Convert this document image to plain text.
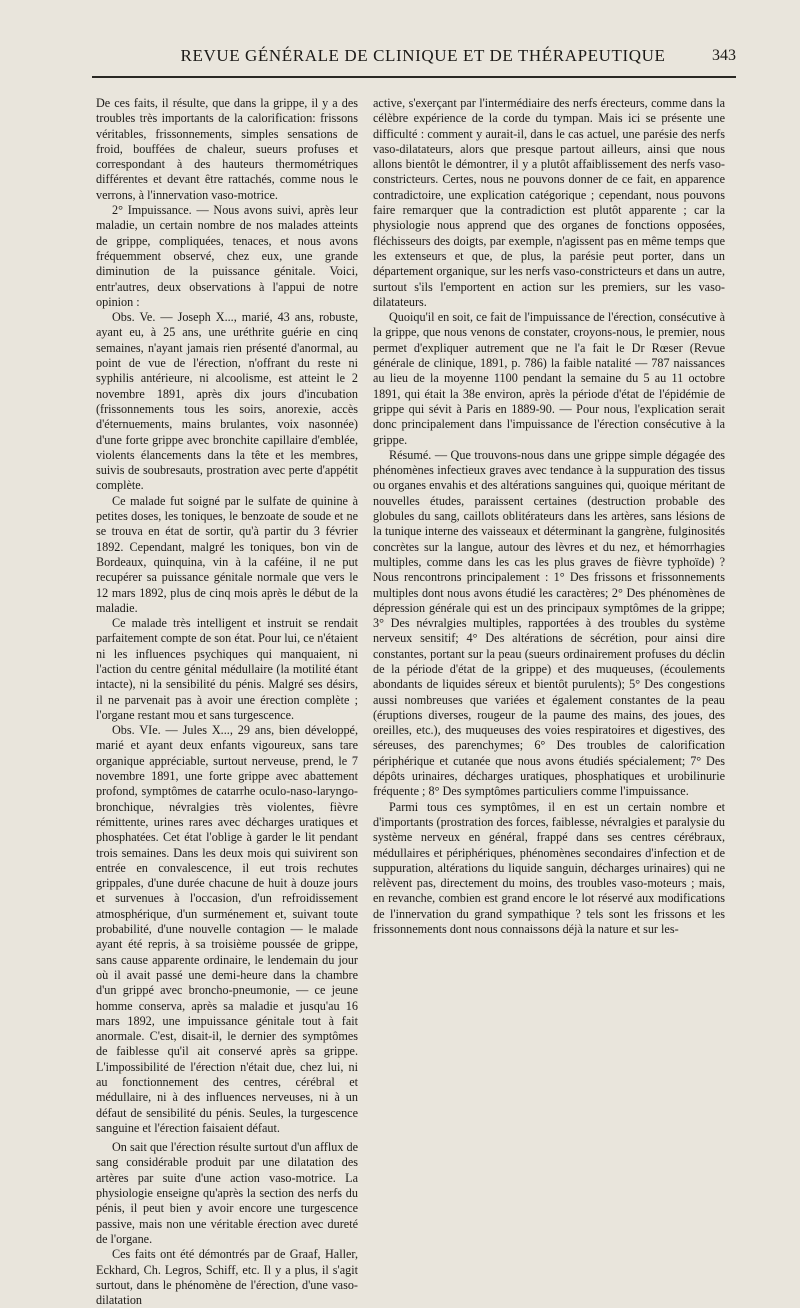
REVUE GÉNÉRALE DE CLINIQUE ET DE THÉRAPEUTIQUE	343

De ces faits, il résulte, que dans la grippe, il y a des troubles très importants de la calorification: frissons véritables, frissonnements, simples sensations de froid, bouffées de chaleur, sueurs profuses et correspondant à des hauteurs thermométriques différentes et devant être rattachés, comme nous le verrons, à l'innervation vaso-motrice.

2° Impuissance. — Nous avons suivi, après leur maladie, un certain nombre de nos malades atteints de grippe, compliquées, tenaces, et nous avons fréquemment observé, chez eux, une grande diminution de la puissance génitale. Voici, entr'autres, deux observations à l'appui de notre opinion :

Obs. Ve. — Joseph X..., marié, 43 ans, robuste, ayant eu, à 25 ans, une uréthrite guérie en cinq semaines, n'ayant jamais rien présenté d'anormal, au point de vue de l'érection, n'offrant du reste ni syphilis antérieure, ni alcoolisme, est atteint le 2 novembre 1891, après dix jours d'incubation (frissonnements tous les soirs, anorexie, accès d'éternuements, mains brulantes, voix nasonnée) d'une forte grippe avec bronchite capillaire d'emblée, violents élancements dans la tête et les membres, suivis de soubresauts, prostration avec perte d'appétit complète.

Ce malade fut soigné par le sulfate de quinine à petites doses, les toniques, le benzoate de soude et ne se trouva en état de sortir, qu'à partir du 3 février 1892. Cependant, malgré les toniques, bon vin de Bordeaux, quinquina, vin à la caféine, il ne put recupérer sa puissance génitale normale que vers le 12 mars 1892, plus de cinq mois après le début de la maladie.

Ce malade très intelligent et instruit se rendait parfaitement compte de son état. Pour lui, ce n'étaient ni les influences psychiques qui manquaient, ni l'action du centre génital médullaire (la motilité étant intacte), ni la sensibilité du pénis. Malgré ses désirs, il ne parvenait pas à avoir une érection complète ; l'organe restant mou et sans turgescence.

Obs. VIe. — Jules X..., 29 ans, bien développé, marié et ayant deux enfants vigoureux, sans tare organique appréciable, surtout nerveuse, prend, le 7 novembre 1891, une forte grippe avec abattement profond, symptômes de catarrhe oculo-naso-laryngo-bronchique, névralgies très violentes, fièvre rémittente, urines rares avec décharges uratiques et phosphatées. Cet état l'oblige à garder le lit pendant trois semaines. Dans les deux mois qui suivirent son entrée en convalescence, il eut trois rechutes grippales, d'une durée chacune de huit à douze jours et survenues à l'occasion, d'un refroidissement atmosphérique, d'un surménement et, suivant toute probabilité, d'une nouvelle contagion — le malade ayant été repris, à sa troisième poussée de grippe, sans cause apparente ordinaire, le lendemain du jour où il avait passé une demi-heure dans la chambre d'un grippé avec broncho-pneumonie, — ce jeune homme conserva, après sa maladie et jusqu'au 16 mars 1892, une impuissance génitale tout à fait anormale. C'est, disait-il, le dernier des symptômes de faiblesse qu'il ait conservé après sa grippe. L'impossibilité de l'érection n'était due, chez lui, ni au fonctionnement des centres, cérébral et médullaire, ni à des influences nerveuses, ni à un défaut de sensibilité du pénis. Seules, la turgescence sanguine et l'érection faisaient défaut.

On sait que l'érection résulte surtout d'un afflux de sang considérable produit par une dilatation des artères par suite d'une action vaso-motrice. La physiologie enseigne qu'après la section des nerfs du pénis, il peut bien y avoir encore une turgescence passive, mais non une véritable érection avec dureté de l'organe.

Ces faits ont été démontrés par de Graaf, Haller, Eckhard, Ch. Legros, Schiff, etc. Il y a plus, il s'agit surtout, dans le phénomène de l'érection, d'une vaso-dilatation

active, s'exerçant par l'intermédiaire des nerfs érecteurs, comme dans la célèbre expérience de la corde du tympan. Mais ici se présente une difficulté : comment y aurait-il, dans le cas actuel, une parésie des nerfs vaso-dilatateurs, alors que presque partout ailleurs, ainsi que nous allons bientôt le démontrer, il y a plutôt affaiblissement des nerfs vaso-constricteurs. Certes, nous ne pouvons donner de ce fait, en apparence contradictoire, une explication catégorique ; cependant, nous pouvons faire remarquer que la contradiction est plutôt apparente ; car la physiologie nous apprend que des organes de fonctions opposées, fléchisseurs des doigts, par exemple, n'agissent pas en même temps que les extenseurs et que, de plus, la parésie peut porter, dans un département organique, sur les nerfs vaso-constricteurs et dans un autre, surtout s'ils l'emportent en action sur les premiers, sur les vaso-dilatateurs.

Quoiqu'il en soit, ce fait de l'impuissance de l'érection, consécutive à la grippe, que nous venons de constater, croyons-nous, le premier, nous permet d'expliquer autrement que ne l'a fait le Dr Rœser (Revue générale de clinique, 1891, p. 786) la faible natalité — 787 naissances au lieu de la moyenne 1100 pendant la semaine du 5 au 11 octobre 1891, qui était la 38e environ, après la période d'état de l'épidémie de grippe qui sévit à Paris en 1889-90. — Pour nous, l'explication serait donc principalement dans l'impuissance de l'érection consécutive à la grippe.

Résumé. — Que trouvons-nous dans une grippe simple dégagée des phénomènes infectieux graves avec tendance à la suppuration des tissus ou organes envahis et des altérations sanguines qui, quoique méritant de nouvelles études, paraissent certaines (destruction probable des globules du sang, caillots oblitérateurs dans les artères, sans lésions de la tunique interne des vaisseaux et déterminant la gangrène, fulginosités concrètes sur la langue, autour des lèvres et du nez, et hémorrhagies multiples, comme dans les cas les plus graves de fièvre typhoïde) ? Nous rencontrons principalement : 1° Des frissons et frissonnements multiples dont nous avons étudié les caractères; 2° Des phénomènes de dépression générale qui est un des principaux symptômes de la grippe; 3° Des névralgies multiples, rapportées à des troubles du système nerveux sensitif; 4° Des altérations de sécrétion, pour ainsi dire constantes, portant sur la peau (sueurs ordinairement profuses du déclin de la période d'état de la grippe) et des muqueuses, (écoulements abondants de liquides séreux et bientôt purulents); 5° Des congestions aussi nombreuses que variées et également constantes de la peau (éruptions diverses, rougeur de la paume des mains, des joues, des oreilles, etc.), des muqueuses des voies respiratoires et digestives, des séreuses, des parenchymes; 6° Des troubles de calorification périphérique et cutanée que nous avons étudiés spécialement; 7° Des dépôts urinaires, décharges uratiques, phosphatiques et urobilinurie fréquente ; 8° Des symptômes particuliers comme l'impuissance.

Parmi tous ces symptômes, il en est un certain nombre et d'importants (prostration des forces, faiblesse, névralgies et paralysie du système nerveux en général, frappé dans ses centres cérébraux, médullaires et périphériques, phénomènes secondaires d'infection et de suppuration, altérations du liquide sanguin, décharges urinaires) qui ne relèvent pas, directement du moins, des troubles vaso-moteurs ; mais, en revanche, combien est grand encore le lot réservé aux modifications de l'innervation du grand sympathique ? tels sont les frissons et les frissonnements dont nous connaissons déjà la nature et sur les-
